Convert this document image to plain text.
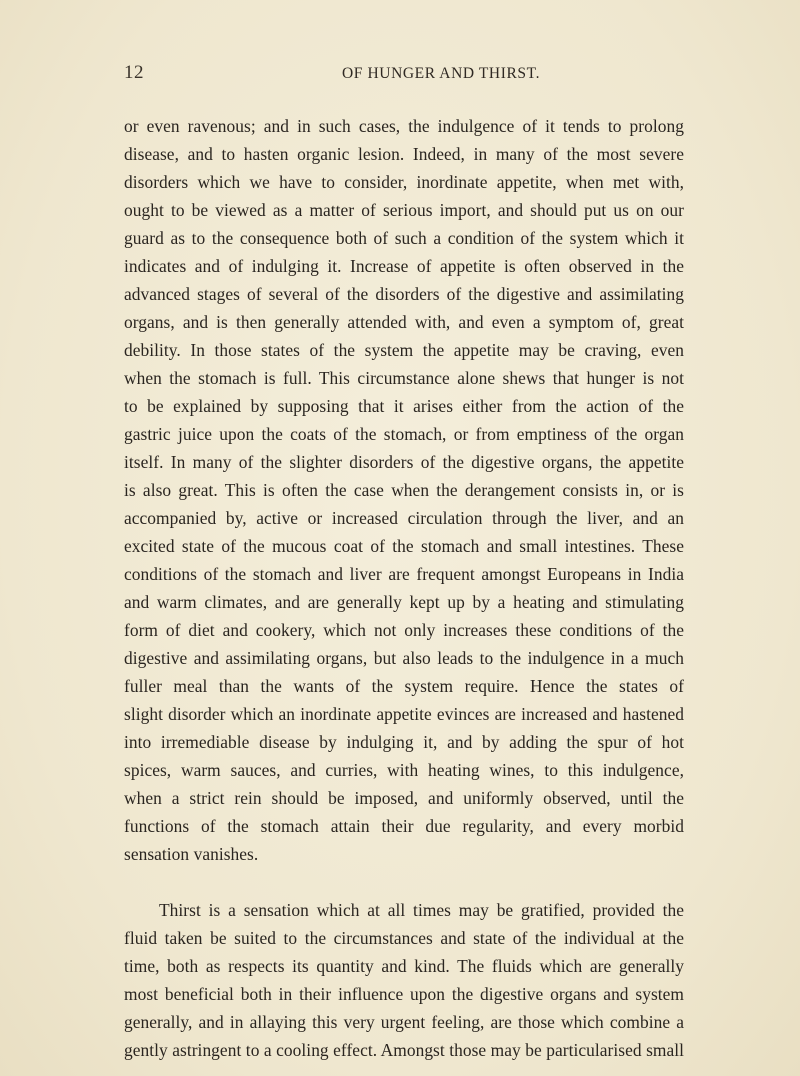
12	OF HUNGER AND THIRST.
or even ravenous; and in such cases, the indulgence of it tends to prolong
disease, and to hasten organic lesion. Indeed, in many of the most severe
disorders which we have to consider, inordinate appetite, when met with,
ought to be viewed as a matter of serious import, and should put us on our
guard as to the consequence both of such a condition of the system which it
indicates and of indulging it. Increase of appetite is often observed in the
advanced stages of several of the disorders of the digestive and assimilating
organs, and is then generally attended with, and even a symptom of, great
debility. In those states of the system the appetite may be craving, even
when the stomach is full. This circumstance alone shews that hunger is not
to be explained by supposing that it arises either from the action of the
gastric juice upon the coats of the stomach, or from emptiness of the organ
itself. In many of the slighter disorders of the digestive organs, the appetite
is also great. This is often the case when the derangement consists in, or is
accompanied by, active or increased circulation through the liver, and an
excited state of the mucous coat of the stomach and small intestines. These
conditions of the stomach and liver are frequent amongst Europeans in India
and warm climates, and are generally kept up by a heating and stimulating
form of diet and cookery, which not only increases these conditions of the
digestive and assimilating organs, but also leads to the indulgence in a much
fuller meal than the wants of the system require. Hence the states of
slight disorder which an inordinate appetite evinces are increased and hastened
into irremediable disease by indulging it, and by adding the spur of hot
spices, warm sauces, and curries, with heating wines, to this indulgence,
when a strict rein should be imposed, and uniformly observed, until the
functions of the stomach attain their due regularity, and every morbid
sensation vanishes.
Thirst is a sensation which at all times may be gratified, provided the
fluid taken be suited to the circumstances and state of the individual at the
time, both as respects its quantity and kind. The fluids which are generally
most beneficial both in their influence upon the digestive organs and system
generally, and in allaying this very urgent feeling, are those which combine a
gently astringent to a cooling effect. Amongst those may be particularised small
